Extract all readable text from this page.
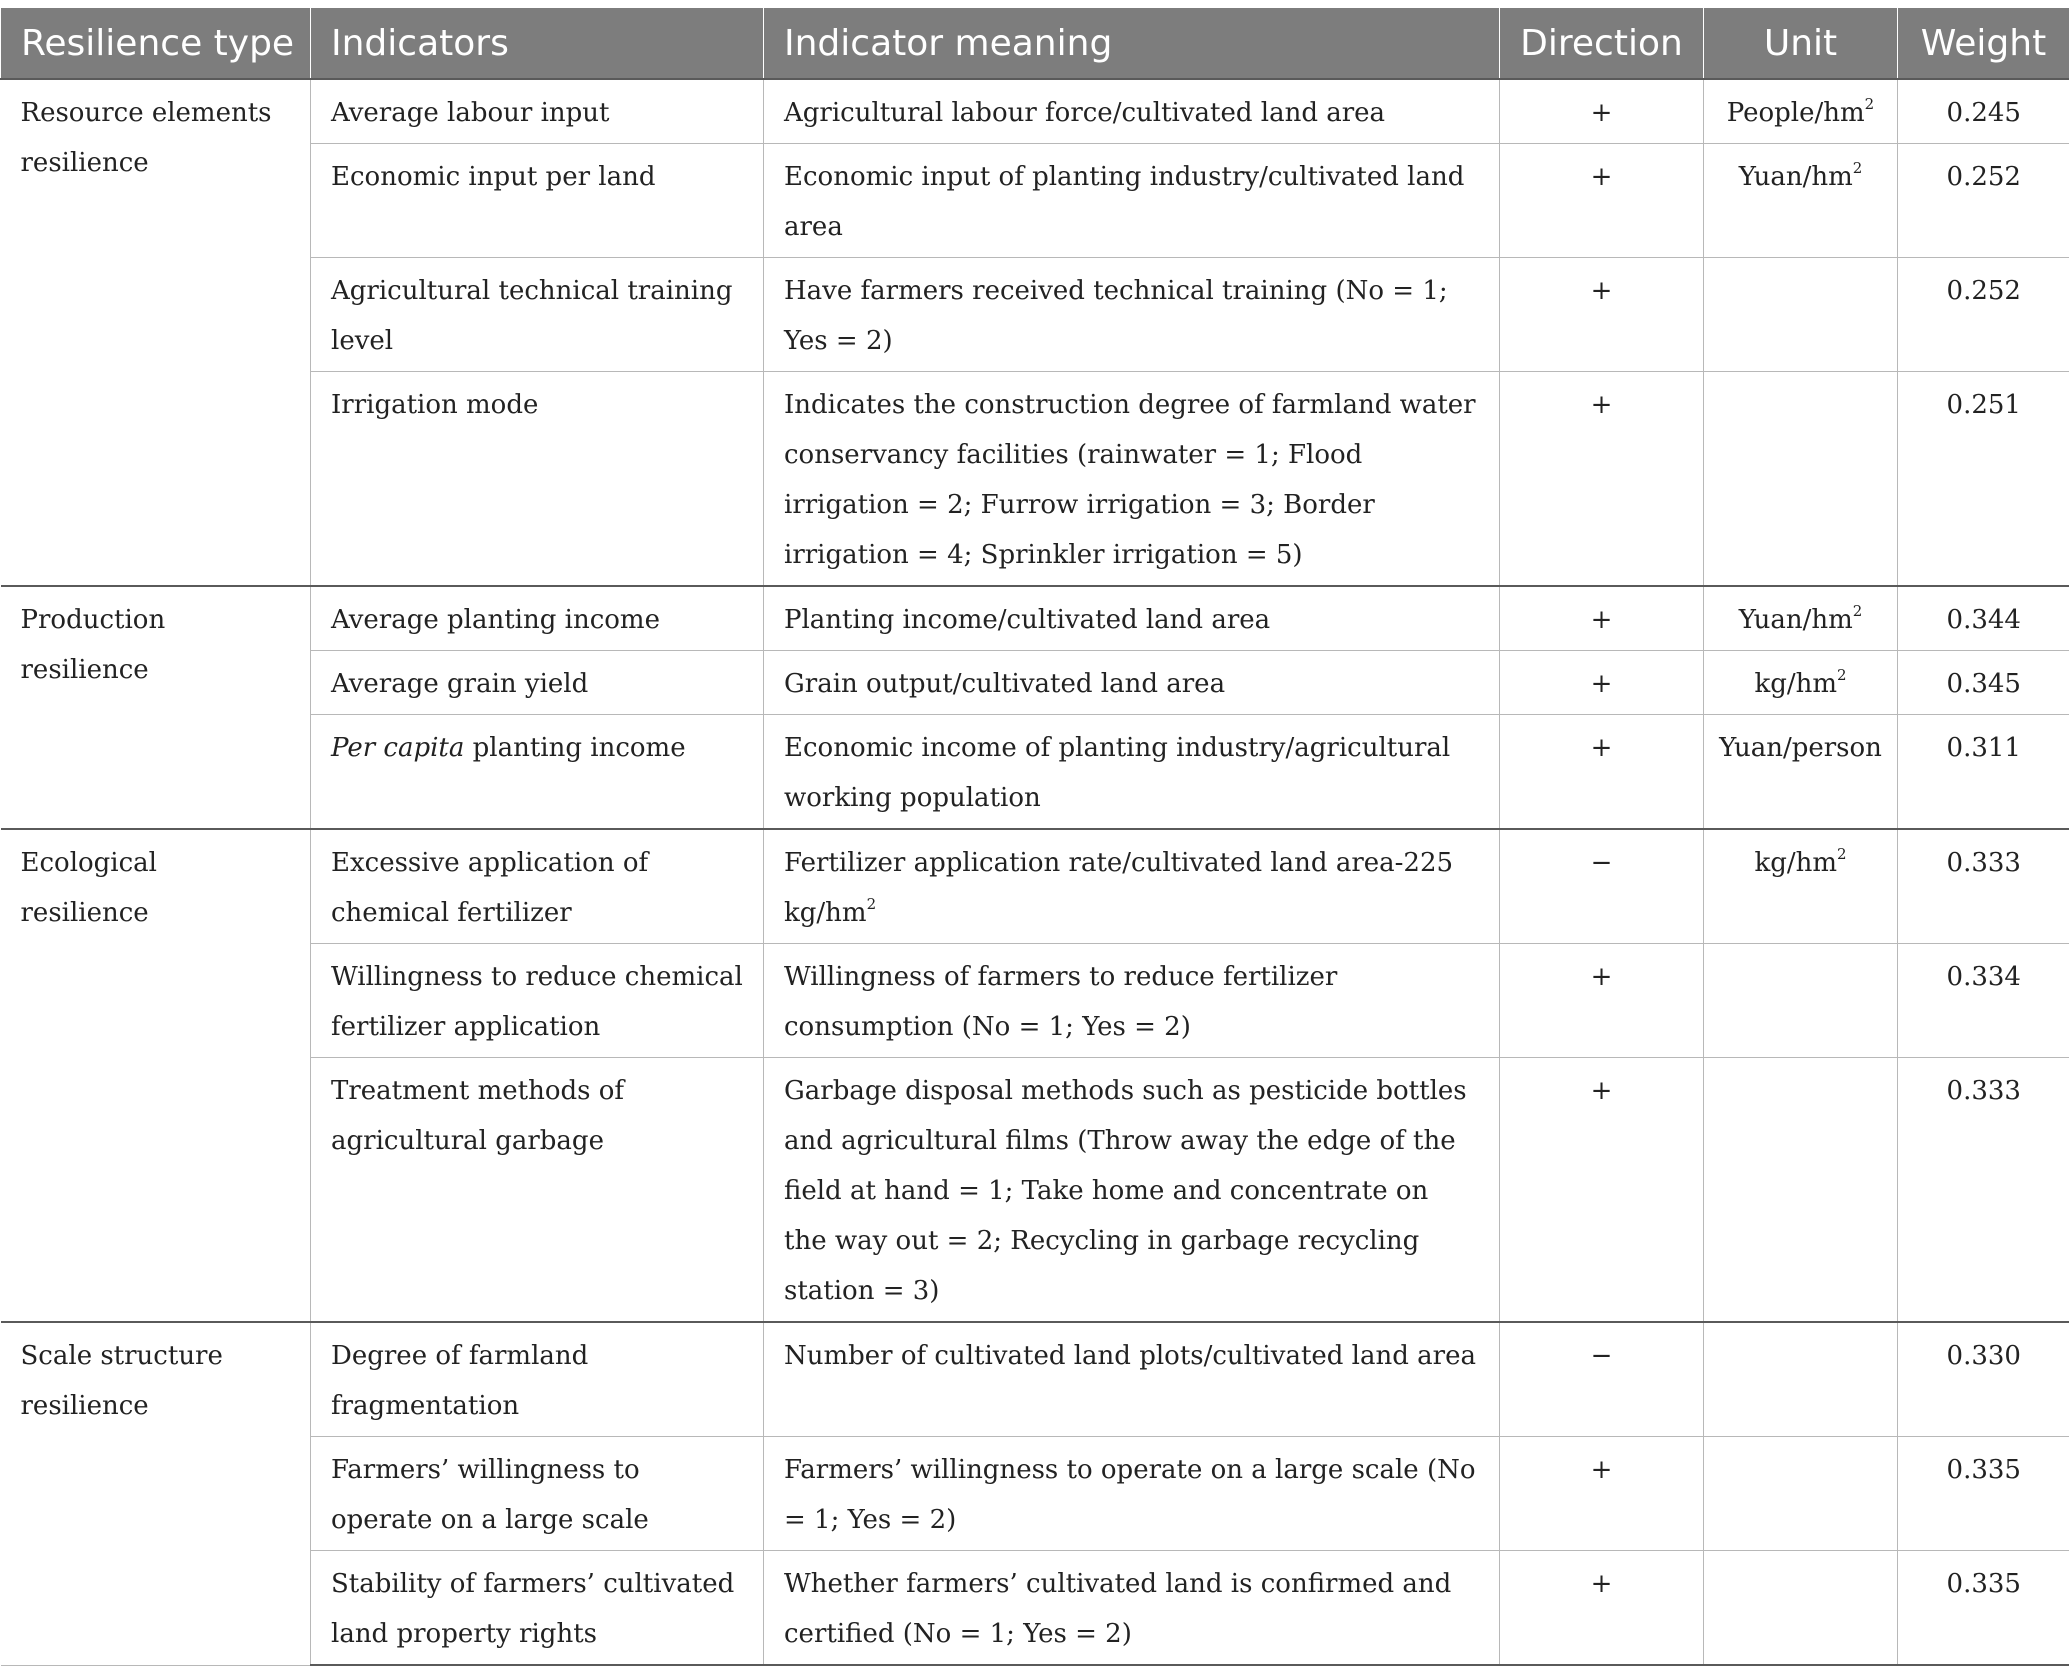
Resilience type	Indicators	Indicator meaning	Direction	Unit	Weight
Resource elements resilience	Average labour input	Agricultural labour force/cultivated land area	+	People/$hm^2$	0.245
	Economic input per land	Economic input of planting industry/cultivated land area	+	Yuan/$hm^2$	0.252
	Agricultural technical training level	Have farmers received technical training (No = 1; Yes = 2)	+		0.252
	Irrigation mode	Indicates the construction degree of farmland water conservancy facilities (rainwater = 1; Flood irrigation = 2; Furrow irrigation = 3; Border irrigation = 4; Sprinkler irrigation = 5)	+		0.251
Production resilience	Average planting income	Planting income/cultivated land area	+	Yuan/$hm^2$	0.344
	Average grain yield	Grain output/cultivated land area	+	$kg/hm^2$	0.345
	Per capita planting income	Economic income of planting industry/agricultural working population	+	Yuan/person	0.311
Ecological resilience	Excessive application of chemical fertilizer	Fertilizer application rate/cultivated land area-225 $kg/hm^2$	−	$kg/hm^2$	0.333
	Willingness to reduce chemical fertilizer application	Willingness of farmers to reduce fertilizer consumption (No = 1; Yes = 2)	+		0.334
	Treatment methods of agricultural garbage	Garbage disposal methods such as pesticide bottles and agricultural films (Throw away the edge of the field at hand = 1; Take home and concentrate on the way out = 2; Recycling in garbage recycling station = 3)	+		0.333
Scale structure resilience	Degree of farmland fragmentation	Number of cultivated land plots/cultivated land area	−		0.330
	Farmers’ willingness to operate on a large scale	Farmers’ willingness to operate on a large scale (No = 1; Yes = 2)	+		0.335
	Stability of farmers’ cultivated land property rights	Whether farmers’ cultivated land is confirmed and certified (No = 1; Yes = 2)	+		0.335
